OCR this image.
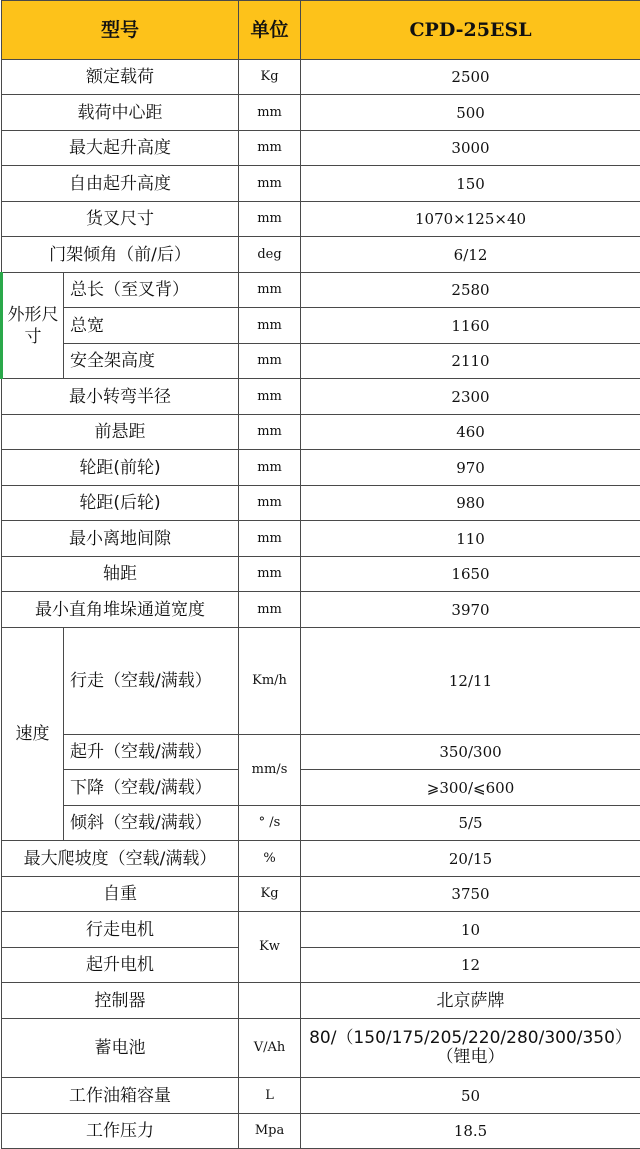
型号		单位	CPD-25ESL
额定载荷		Kg	2500
载荷中心距		mm	500
最大起升高度		mm	3000
自由起升高度		mm	150
货叉尺寸		mm	1070×125×40
门架倾角（前/后）		deg	6/12
外形尺寸	总长（至叉背）	mm	2580
	总宽	mm	1160
	安全架高度	mm	2110
最小转弯半径		mm	2300
前悬距		mm	460
轮距(前轮)		mm	970
轮距(后轮)		mm	980
最小离地间隙		mm	110
轴距		mm	1650
最小直角堆垛通道宽度		mm	3970
速度	行走（空载/满载）	Km/h	12/11
	起升（空载/满载）	mm/s	350/300
	下降（空载/满载）		⩾300/⩽600
	倾斜（空载/满载）	° /s	5/5
最大爬坡度（空载/满载）		%	20/15
自重		Kg	3750
行走电机		Kw	10
起升电机			12
控制器			北京萨牌
蓄电池		V/Ah	80/（150/175/205/220/280/300/350）（锂电）
工作油箱容量		L	50
工作压力		Mpa	18.5
